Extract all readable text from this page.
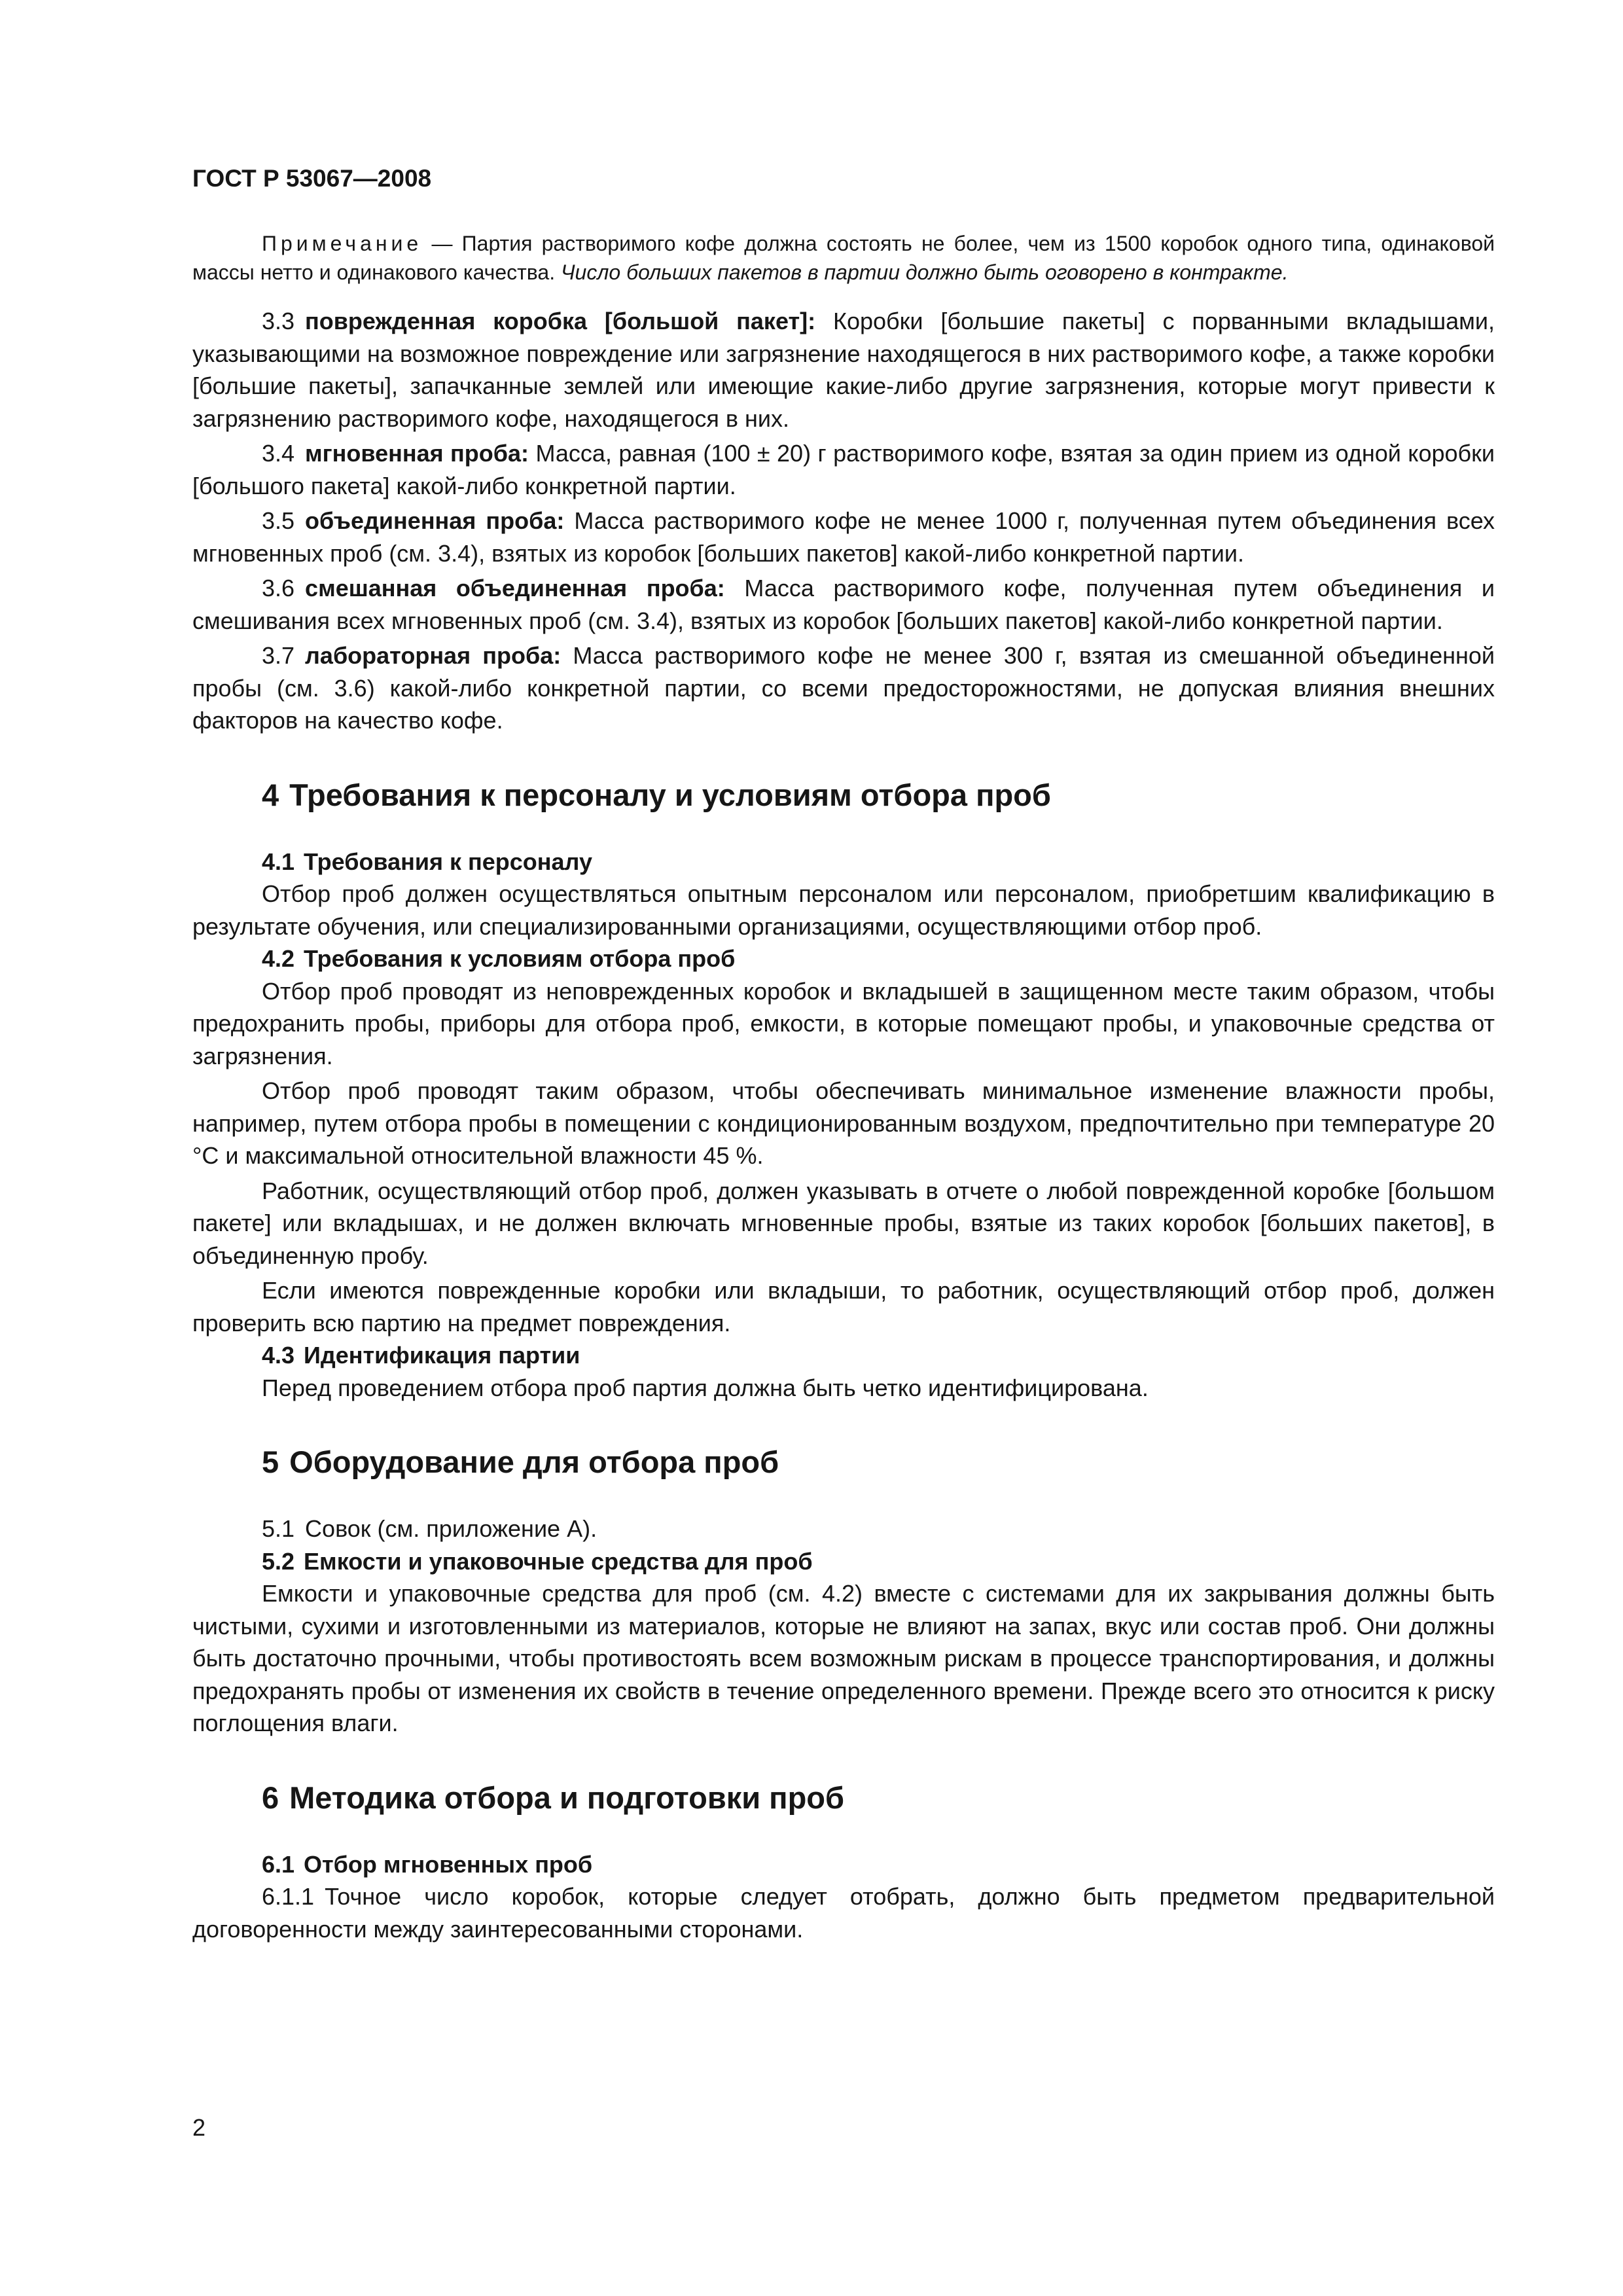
ГОСТ Р 53067—2008

Примечание — Партия растворимого кофе должна состоять не более, чем из 1500 коробок одного типа, одинаковой массы нетто и одинакового качества. Число больших пакетов в партии должно быть оговорено в контракте.

3.3 поврежденная коробка [большой пакет]: Коробки [большие пакеты] с порванными вкладышами, указывающими на возможное повреждение или загрязнение находящегося в них растворимого кофе, а также коробки [большие пакеты], запачканные землей или имеющие какие-либо другие загрязнения, которые могут привести к загрязнению растворимого кофе, находящегося в них.

3.4 мгновенная проба: Масса, равная (100 ± 20) г растворимого кофе, взятая за один прием из одной коробки [большого пакета] какой-либо конкретной партии.

3.5 объединенная проба: Масса растворимого кофе не менее 1000 г, полученная путем объединения всех мгновенных проб (см. 3.4), взятых из коробок [больших пакетов] какой-либо конкретной партии.

3.6 смешанная объединенная проба: Масса растворимого кофе, полученная путем объединения и смешивания всех мгновенных проб (см. 3.4), взятых из коробок [больших пакетов] какой-либо конкретной партии.

3.7 лабораторная проба: Масса растворимого кофе не менее 300 г, взятая из смешанной объединенной пробы (см. 3.6) какой-либо конкретной партии, со всеми предосторожностями, не допуская влияния внешних факторов на качество кофе.

4 Требования к персоналу и условиям отбора проб
4.1 Требования к персоналу

Отбор проб должен осуществляться опытным персоналом или персоналом, приобретшим квалификацию в результате обучения, или специализированными организациями, осуществляющими отбор проб.

4.2 Требования к условиям отбора проб

Отбор проб проводят из неповрежденных коробок и вкладышей в защищенном месте таким образом, чтобы предохранить пробы, приборы для отбора проб, емкости, в которые помещают пробы, и упаковочные средства от загрязнения.

Отбор проб проводят таким образом, чтобы обеспечивать минимальное изменение влажности пробы, например, путем отбора пробы в помещении с кондиционированным воздухом, предпочтительно при температуре 20 °С и максимальной относительной влажности 45 %.

Работник, осуществляющий отбор проб, должен указывать в отчете о любой поврежденной коробке [большом пакете] или вкладышах, и не должен включать мгновенные пробы, взятые из таких коробок [больших пакетов], в объединенную пробу.

Если имеются поврежденные коробки или вкладыши, то работник, осуществляющий отбор проб, должен проверить всю партию на предмет повреждения.

4.3 Идентификация партии

Перед проведением отбора проб партия должна быть четко идентифицирована.

5 Оборудование для отбора проб

5.1 Совок (см. приложение А).

5.2 Емкости и упаковочные средства для проб

Емкости и упаковочные средства для проб (см. 4.2) вместе с системами для их закрывания должны быть чистыми, сухими и изготовленными из материалов, которые не влияют на запах, вкус или состав проб. Они должны быть достаточно прочными, чтобы противостоять всем возможным рискам в процессе транспортирования, и должны предохранять пробы от изменения их свойств в течение определенного времени. Прежде всего это относится к риску поглощения влаги.

6 Методика отбора и подготовки проб
6.1 Отбор мгновенных проб

6.1.1 Точное число коробок, которые следует отобрать, должно быть предметом предварительной договоренности между заинтересованными сторонами.

2
